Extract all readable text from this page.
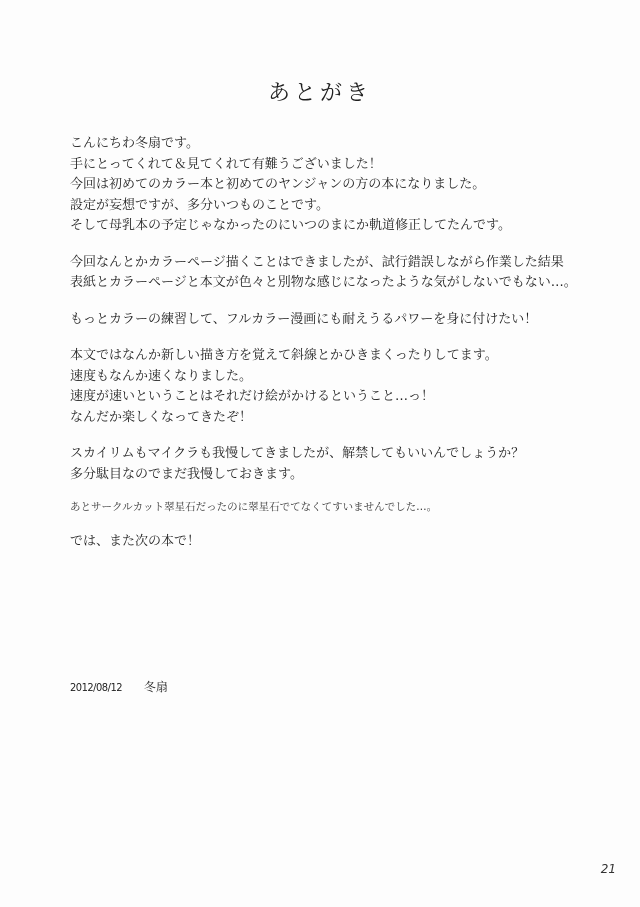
あとがき
こんにちわ冬扇です。
手にとってくれて＆見てくれて有難うございました！
今回は初めてのカラー本と初めてのヤンジャンの方の本になりました。
設定が妄想ですが、多分いつものことです。
そして母乳本の予定じゃなかったのにいつのまにか軌道修正してたんです。
今回なんとかカラーページ描くことはできましたが、試行錯誤しながら作業した結果
表紙とカラーページと本文が色々と別物な感じになったような気がしないでもない…。
もっとカラーの練習して、フルカラー漫画にも耐えうるパワーを身に付けたい！
本文ではなんか新しい描き方を覚えて斜線とかひきまくったりしてます。
速度もなんか速くなりました。
速度が速いということはそれだけ絵がかけるということ…っ！
なんだか楽しくなってきたぞ！
スカイリムもマイクラも我慢してきましたが、解禁してもいいんでしょうか？
多分駄目なのでまだ我慢しておきます。
あとサークルカット翠星石だったのに翠星石でてなくてすいませんでした…。
では、また次の本で！
2012/08/12 冬扇
21
